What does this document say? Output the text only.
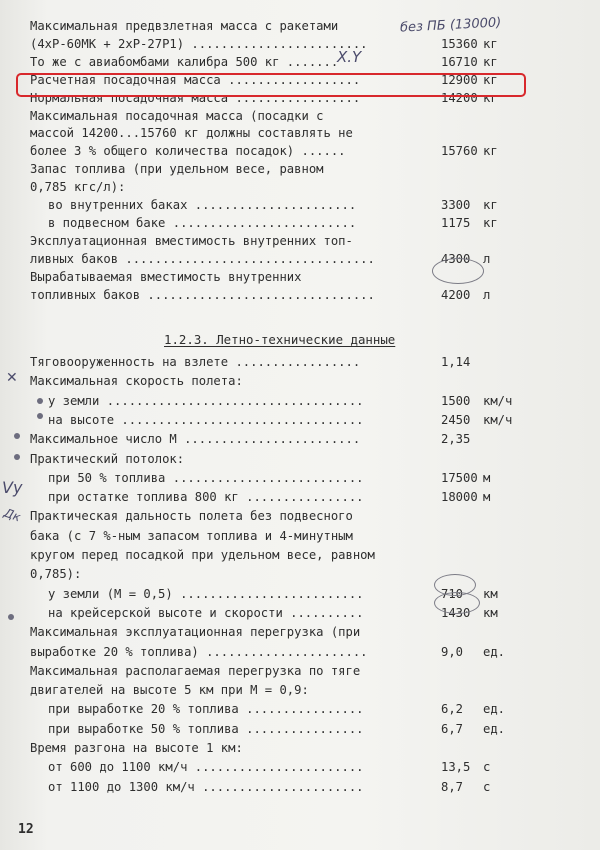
Максимальная предвзлетная масса с ракетами
(4хР-60МК + 2хР-27Р1) ........................	15360 кг
То же с авиабомбами калибра 500 кг .......	16710 кг
Расчетная посадочная масса ..................	12900 кг
Нормальная посадочная масса .................	14200 кг
Максимальная посадочная масса (посадки с
массой 14200...15760 кг должны составлять не
более 3 % общего количества посадок) ......	15760 кг
Запас топлива (при удельном весе, равном
0,785 кгс/л):
во внутренних баках ......................	3300 кг
в подвесном баке .........................	1175 кг
Эксплуатационная вместимость внутренних топ-
ливных баков ..................................	4300 л
Вырабатываемая вместимость внутренних
топливных баков ...............................	4200 л
1.2.3. Летно-технические данные
Тяговооруженность на взлете .................	1,14
Максимальная скорость полета:
у земли ...................................	1500 км/ч
на высоте .................................	2450 км/ч
Максимальное число М ........................	2,35
Практический потолок:
при 50 % топлива ..........................	17500 м
при остатке топлива 800 кг ................	18000 м
Практическая дальность полета без подвесного
бака (с 7 %-ным запасом топлива и 4-минутным
кругом перед посадкой при удельном весе, равном
0,785):
у земли (М = 0,5) .........................	710 км
на крейсерской высоте и скорости ..........	1430 км
Максимальная эксплуатационная перегрузка (при
выработке 20 % топлива) ......................	9,0 ед.
Максимальная располагаемая перегрузка по тяге
двигателей на высоте 5 км при М = 0,9:
при выработке 20 % топлива ................	6,2 ед.
при выработке 50 % топлива ................	6,7 ед.
Время разгона на высоте 1 км:
от 600 до 1100 км/ч .......................	13,5 с
от 1100 до 1300 км/ч ......................	8,7 с
без ПБ (13000)
X.Y
Vy
Дк
✕
12
